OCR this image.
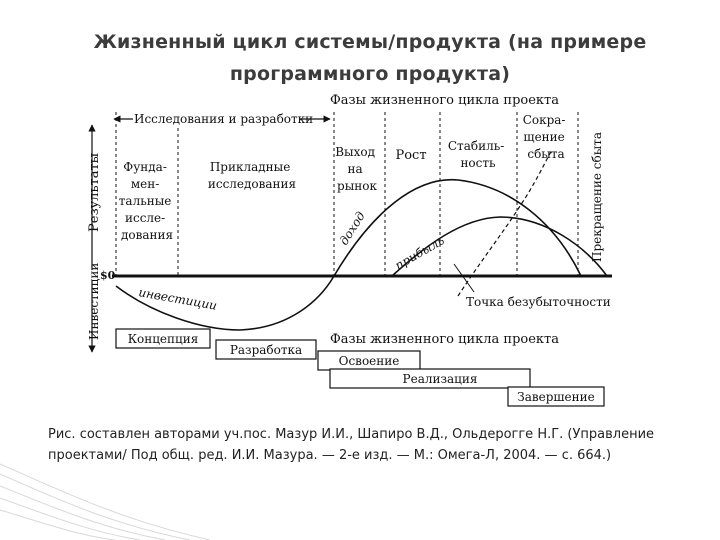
Жизненный цикл системы/продукта (на примере
программного продукта)
Фазы жизненного цикла проекта
Исследования и разработки
Результаты
Инвестиции $0
Фунда- мен- тальные иссле- дования
Прикладные исследования
Выход на рынок
Рост
Стабиль- ность
Сокра- щение сбыта	Прекращение сбыта
доход
прибыль
инвестиции	Точка безубыточности
Фазы жизненного цикла проекта
Концепция
Разработка
Освоение
Реализация
Завершение
Рис. составлен авторами уч.пос. Мазур И.И., Шапиро В.Д., Ольдерогге Н.Г. (Управление проектами/ Под общ. ред. И.И. Мазура. — 2-е изд. — М.: Омега-Л, 2004. — с. 664.)
